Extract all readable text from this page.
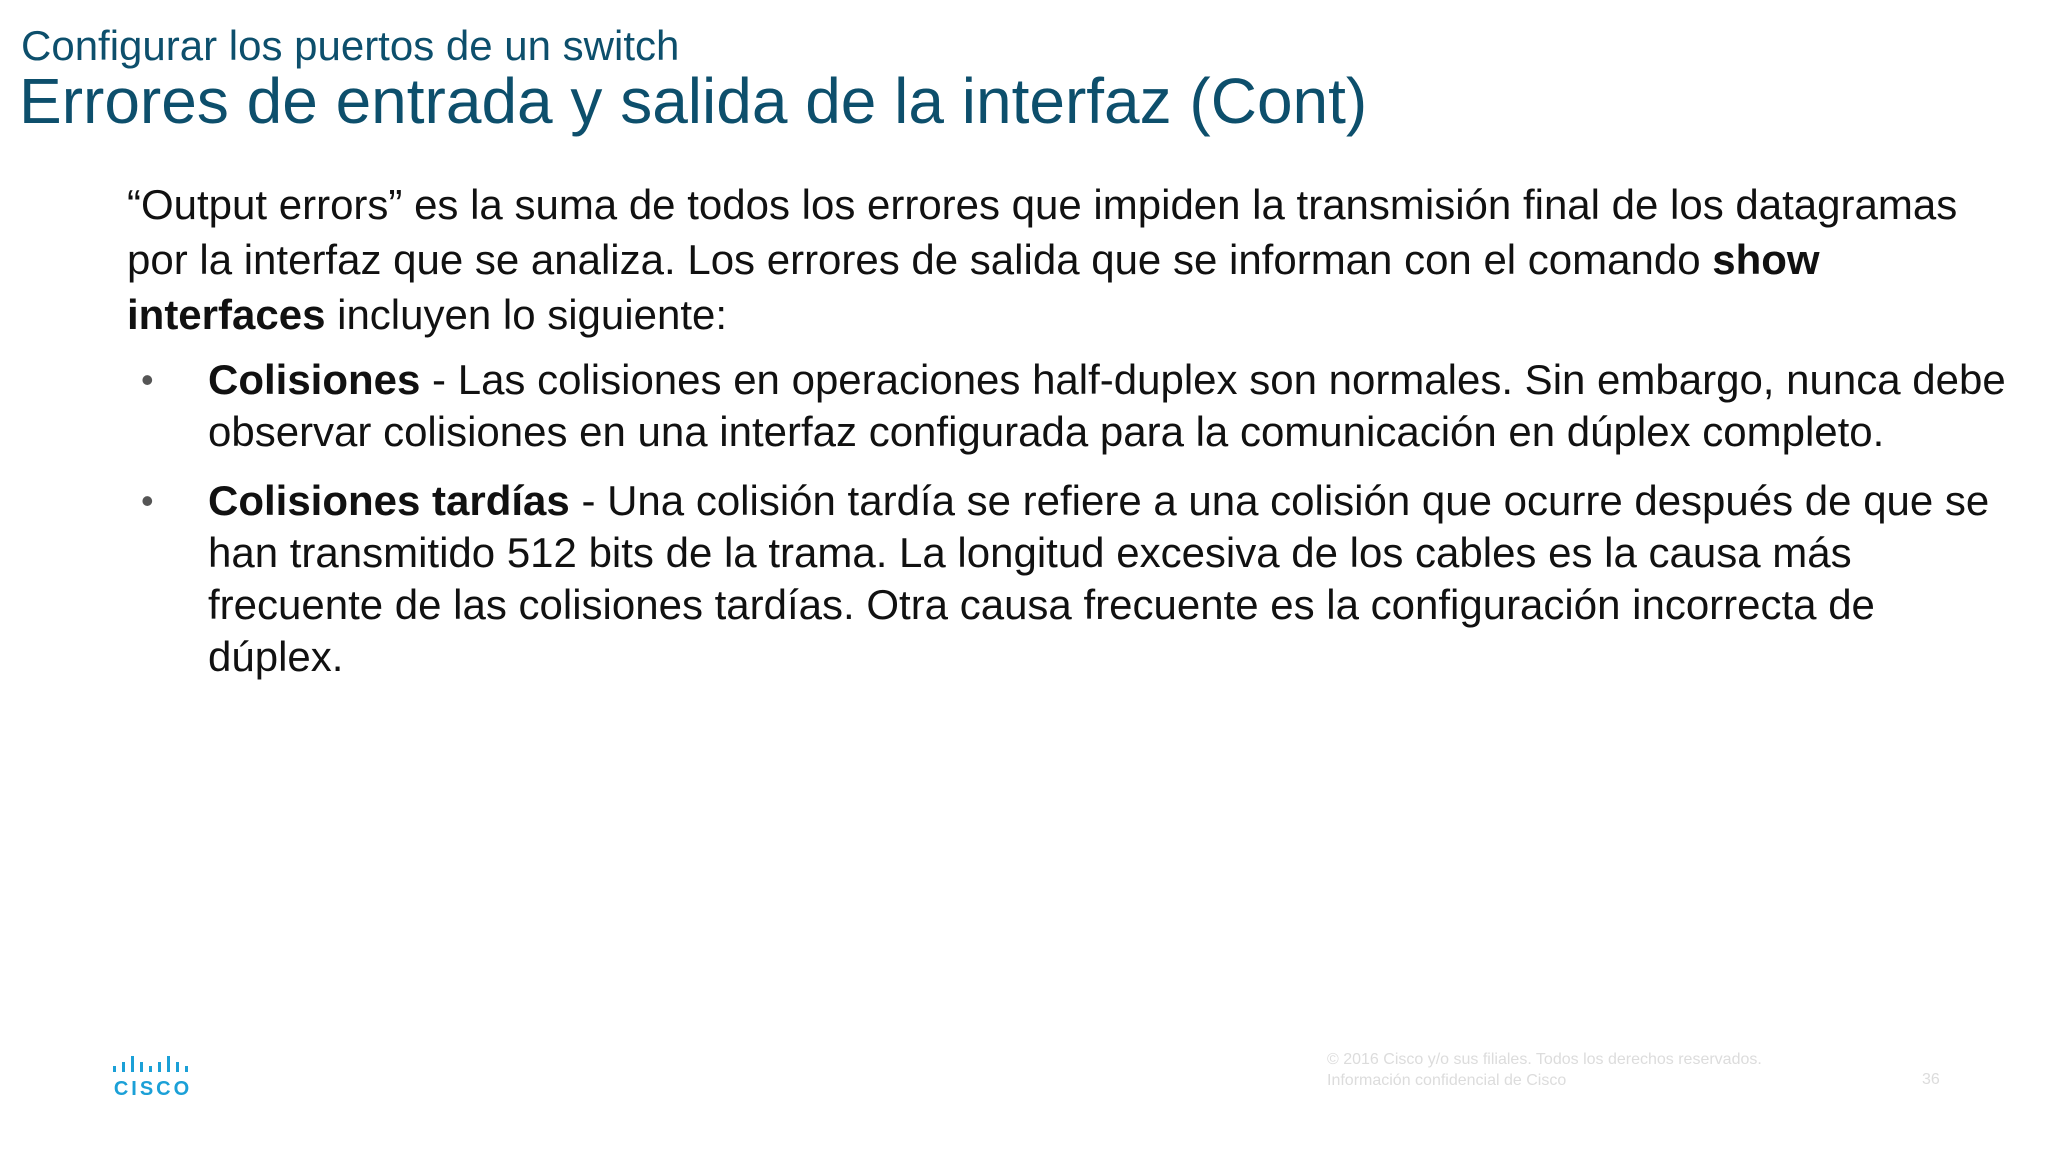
Configurar los puertos de un switch
Errores de entrada y salida de la interfaz (Cont)

“Output errors” es la suma de todos los errores que impiden la transmisión final de los datagramas por la interfaz que se analiza. Los errores de salida que se informan con el comando show interfaces incluyen lo siguiente:

• Colisiones - Las colisiones en operaciones half-duplex son normales. Sin embargo, nunca debe observar colisiones en una interfaz configurada para la comunicación en dúplex completo.
• Colisiones tardías - Una colisión tardía se refiere a una colisión que ocurre después de que se han transmitido 512 bits de la trama. La longitud excesiva de los cables es la causa más frecuente de las colisiones tardías. Otra causa frecuente es la configuración incorrecta de dúplex.
CISCO
© 2016 Cisco y/o sus filiales. Todos los derechos reservados.
Información confidencial de Cisco	36
